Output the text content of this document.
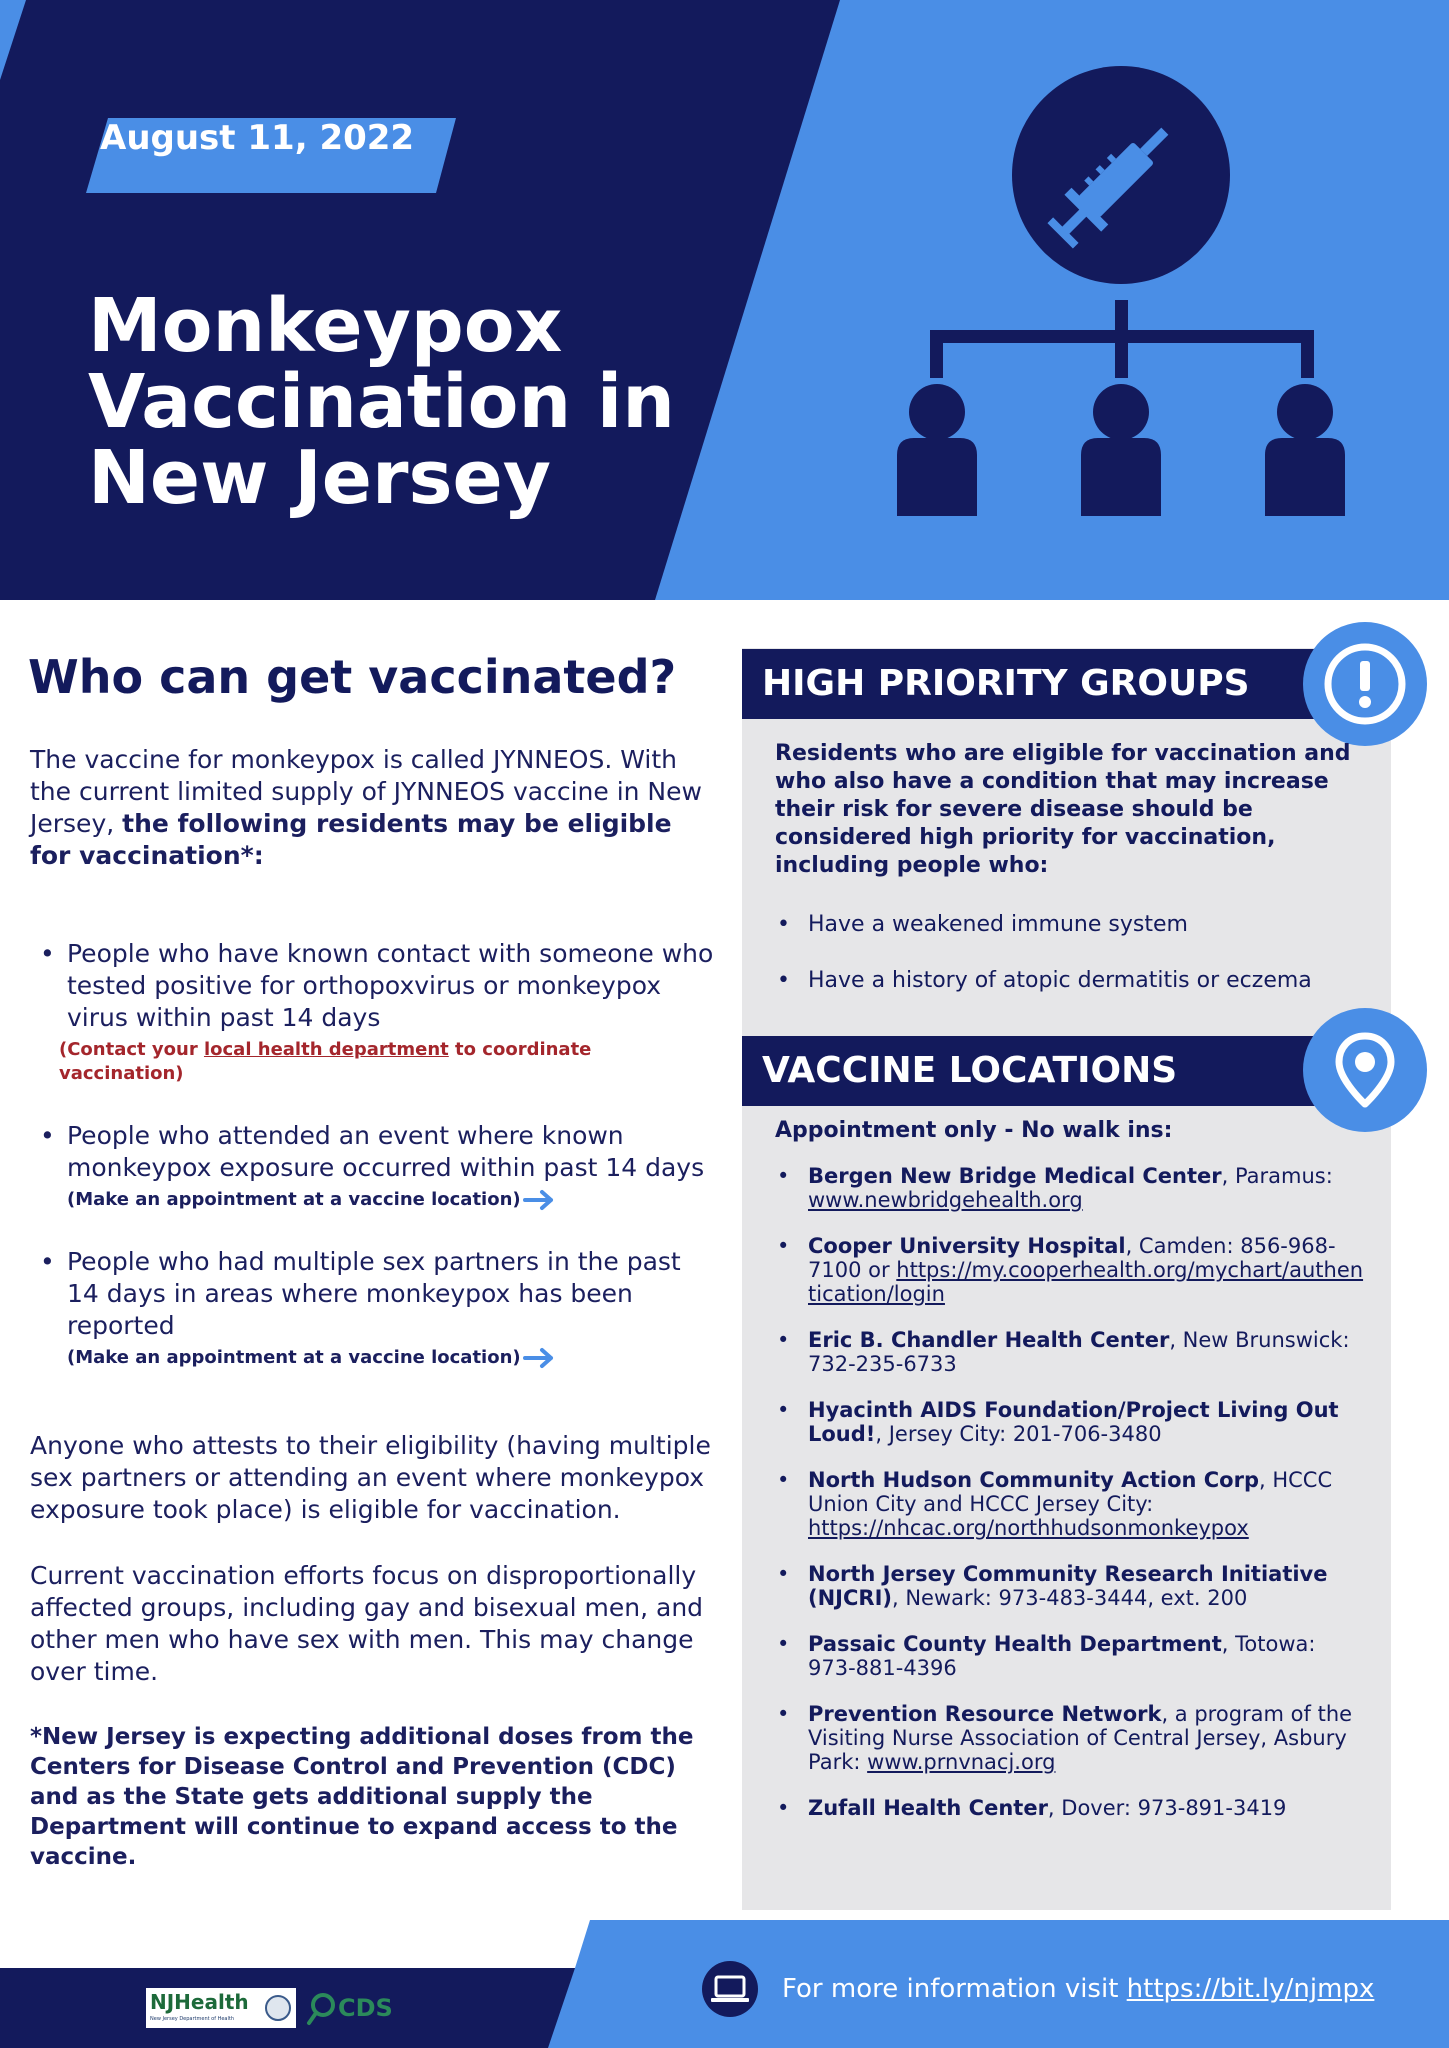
August 11, 2022
Monkeypox
Vaccination in
New Jersey
Who can get vaccinated?
The vaccine for monkeypox is called JYNNEOS. With the current limited supply of JYNNEOS vaccine in New Jersey, the following residents may be eligible for vaccination*:
• People who have known contact with someone who tested positive for orthopoxvirus or monkeypox virus within past 14 days
(Contact your local health department to coordinate vaccination)
• People who attended an event where known monkeypox exposure occurred within past 14 days
(Make an appointment at a vaccine location)
• People who had multiple sex partners in the past 14 days in areas where monkeypox has been reported
(Make an appointment at a vaccine location)
Anyone who attests to their eligibility (having multiple sex partners or attending an event where monkeypox exposure took place) is eligible for vaccination.
Current vaccination efforts focus on disproportionally affected groups, including gay and bisexual men, and other men who have sex with men. This may change over time.
*New Jersey is expecting additional doses from the Centers for Disease Control and Prevention (CDC) and as the State gets additional supply the Department will continue to expand access to the vaccine.
HIGH PRIORITY GROUPS
Residents who are eligible for vaccination and who also have a condition that may increase their risk for severe disease should be considered high priority for vaccination, including people who:
• Have a weakened immune system
• Have a history of atopic dermatitis or eczema
VACCINE LOCATIONS
Appointment only - No walk ins:
• Bergen New Bridge Medical Center, Paramus: www.newbridgehealth.org
• Cooper University Hospital, Camden: 856-968-7100 or https://my.cooperhealth.org/mychart/authentication/login
• Eric B. Chandler Health Center, New Brunswick: 732-235-6733
• Hyacinth AIDS Foundation/Project Living Out Loud!, Jersey City: 201-706-3480
• North Hudson Community Action Corp, HCCC Union City and HCCC Jersey City: https://nhcac.org/northhudsonmonkeypox
• North Jersey Community Research Initiative (NJCRI), Newark: 973-483-3444, ext. 200
• Passaic County Health Department, Totowa: 973-881-4396
• Prevention Resource Network, a program of the Visiting Nurse Association of Central Jersey, Asbury Park: www.prnvnacj.org
• Zufall Health Center, Dover: 973-891-3419
For more information visit https://bit.ly/njmpx
NJHealth
New Jersey Department of Health	CDS
